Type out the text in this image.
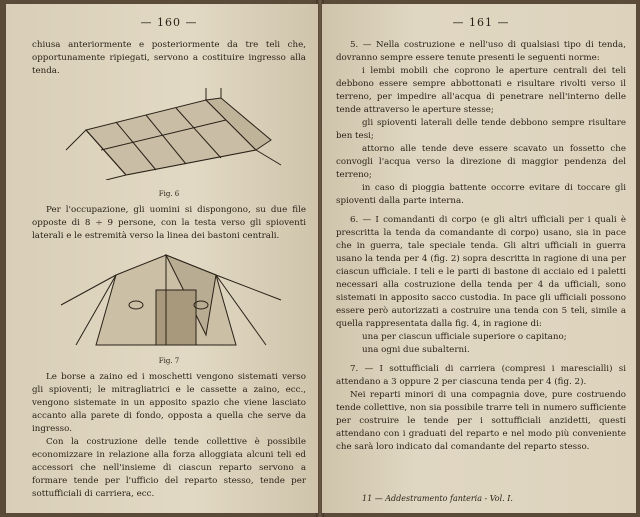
— 160 —

chiusa anteriormente e posteriormente da tre teli che, opportunamente ripiegati, servono a costituire ingresso alla tenda.

Fig. 6

Per l'occupazione, gli uomini si dispongono, su due file opposte di 8 ÷ 9 persone, con la testa verso gli spioventi laterali e le estremità verso la linea dei bastoni centrali.

Fig. 7

Le borse a zaino ed i moschetti vengono sistemati verso gli spioventi; le mitragliatrici e le cassette a zaino, ecc., vengono sistemate in un apposito spazio che viene lasciato accanto alla parete di fondo, opposta a quella che serve da ingresso.

Con la costruzione delle tende collettive è possibile economizzare in relazione alla forza alloggiata alcuni teli ed accessori che nell'insieme di ciascun reparto servono a formare tende per l'ufficio del reparto stesso, tende per sottufficiali di carriera, ecc.

— 161 —

5. — Nella costruzione e nell'uso di qualsiasi tipo di tenda, dovranno sempre essere tenute presenti le seguenti norme:

i lembi mobili che coprono le aperture centrali dei teli debbono essere sempre abbottonati e risultare rivolti verso il terreno, per impedire all'acqua di penetrare nell'interno delle tende attraverso le aperture stesse;

gli spioventi laterali delle tende debbono sempre risultare ben tesi;

attorno alle tende deve essere scavato un fossetto che convogli l'acqua verso la direzione di maggior pendenza del terreno;

in caso di pioggia battente occorre evitare di toccare gli spioventi dalla parte interna.

6. — I comandanti di corpo (e gli altri ufficiali per i quali è prescritta la tenda da comandante di corpo) usano, sia in pace che in guerra, tale speciale tenda. Gli altri ufficiali in guerra usano la tenda per 4 (fig. 2) sopra descritta in ragione di una per ciascun ufficiale. I teli e le parti di bastone di acciaio ed i paletti necessari alla costruzione della tenda per 4 da ufficiali, sono sistemati in apposito sacco custodia. In pace gli ufficiali possono essere però autorizzati a costruire una tenda con 5 teli, simile a quella rappresentata dalla fig. 4, in ragione di:

una per ciascun ufficiale superiore o capitano;

una ogni due subalterni.

7. — I sottufficiali di carriera (compresi i marescialli) si attendano a 3 oppure 2 per ciascuna tenda per 4 (fig. 2).

Nei reparti minori di una compagnia dove, pure costruendo tende collettive, non sia possibile trarre teli in numero sufficiente per costruire le tende per i sottufficiali anzidetti, questi attendano con i graduati del reparto e nel modo più conveniente che sarà loro indicato dal comandante del reparto stesso.

11 — Addestramento fanteria - Vol. I.
